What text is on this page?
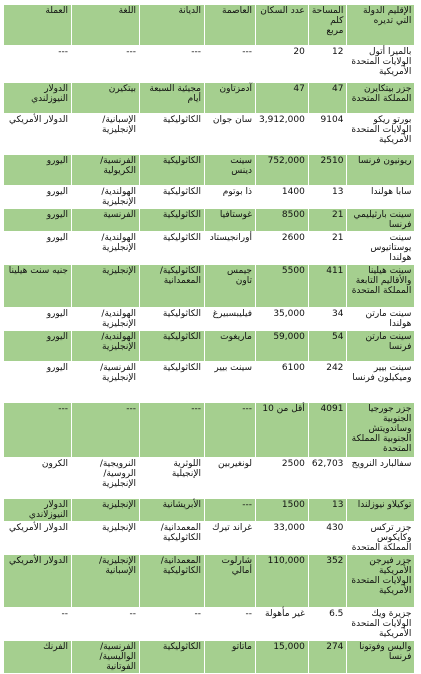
الإقليم الدولة التي تديره	المساحة كلم مربع	عدد السكان	العاصمة	الديانة	اللغة	العملة
بالميرا أتول الولايات المتحدة الأمريكية	12	20	---	---	---	---
جزر بيتكايرن المملكة المتحدة	47	47	آدمزتاون	مجيئية السبعة أيام	بيتكيرن	الدولار النيوزلندي
بورتو ريكو الولايات المتحدة الأمريكية	9104	3,912,000	سان جوان	الكاثوليكية	الإسبانية/ الإنجليزية	الدولار الأمريكي
ريونيون فرنسا	2510	752,000	سينت دينس	الكاثوليكية	الفرنسية/ الكريولية	اليورو
سابا هولندا	13	1400	ذا بوتوم	الكاثوليكية	الهولندية/ الإنجليزية	اليورو
سينت بارثيليمي فرنسا	21	8500	غوستافيا	الكاثوليكية	الفرنسية	اليورو
سينت يوستاتيوس هولندا	21	2600	أورانجيستاد	الكاثوليكية	الهولندية/ الإنجليزية	اليورو
سينت هيلينا والأقاليم التابعة المملكة المتحدة	411	5500	جيمس تاون	الكاثوليكية/ المعمدانية	الإنجليزية	جنيه سنت هيلينا
سينت مارتن هولندا	34	35,000	فيليبسبيرغ	الكاثوليكية	الهولندية/ الإنجليزية	اليورو
سينت مارتن فرنسا	54	59,000	ماريغوت	الكاثوليكية	الهولندية/ الإنجليزية	اليورو
سينت بيير وميكيلون فرنسا	242	6100	سينت بيير	الكاثوليكية	الفرنسية/ الإنجليزية	اليورو
جزر جورجيا الجنوبية وساندويتش الجنوبية المملكة المتحدة	4091	أقل من 10	---	---	---	---
سفالبارد النرويج	62,703	2500	لونغيربين	اللوثرية الإنجيلية	النرويجية/ الروسية/ الإنجليزية	الكرون
توكيلاو نيوزلندا	13	1500	---	الأبريشانية	الإنجليزية	الدولار النيوزلاندي
جزر تركس وكايكوس المملكة المتحدة	430	33,000	غراند تيرك	المعمدانية/ الكاثوليكية	الإنجليزية	الدولار الأمريكي
جزر فيرجن الأمريكية الولايات المتحدة الأمريكية	352	110,000	شارلوت أمالي	المعمدانية/ الكاثوليكية	الإنجليزية/ الإسبانية	الدولار الأمريكي
جزيرة ويك الولايات المتحدة الأمريكية	6.5	غير مأهولة	--	--	--	--
واليس وفوتونا فرنسا	274	15,000	ماتاتو	الكاثوليكية	الفرنسية/ الواليسية/ الفوتانية	الفرنك
